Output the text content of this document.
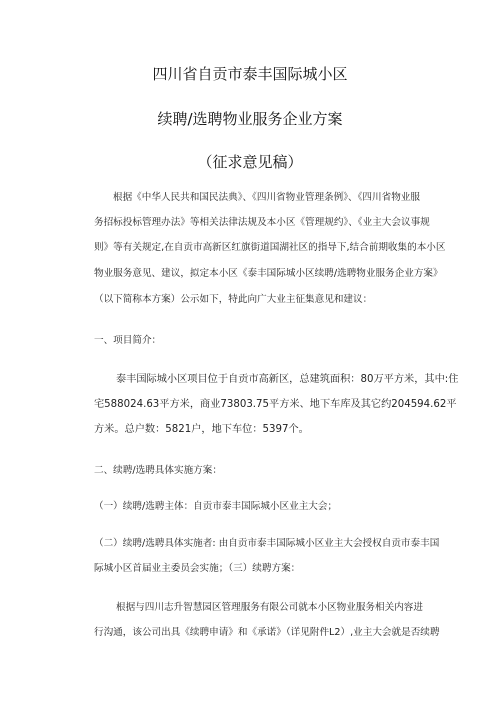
四川省自贡市泰丰国际城小区
续聘/选聘物业服务企业方案
（征求意见稿）
根据《中华人民共和国民法典》、《四川省物业管理条例》、《四川省物业服
务招标投标管理办法》等相关法律法规及本小区《管理规约》、《业主大会议事规
则》等有关规定,在自贡市高新区红旗街道国湖社区的指导下,结合前期收集的本小区
物业服务意见、建议，拟定本小区《泰丰国际城小区续聘/选聘物业服务企业方案》
（以下简称本方案）公示如下，特此向广大业主征集意见和建议：
一、项目简介：
泰丰国际城小区项目位于自贡市高新区，总建筑面积：80万平方米，其中:住
宅588024.63平方米，商业73803.75平方米、地下车库及其它约204594.62平
方米。总户数：5821户，地下车位：5397个。
二、续聘/选聘具体实施方案：
（一）续聘/选聘主体：自贡市泰丰国际城小区业主大会；
（二）续聘/选聘具体实施者: 由自贡市泰丰国际城小区业主大会授权自贡市泰丰国
际城小区首届业主委员会实施；（三）续聘方案：
根据与四川志升智慧园区管理服务有限公司就本小区物业服务相关内容进
行沟通，该公司出具《续聘申请》和《承诺》（详见附件L2）,业主大会就是否续聘
